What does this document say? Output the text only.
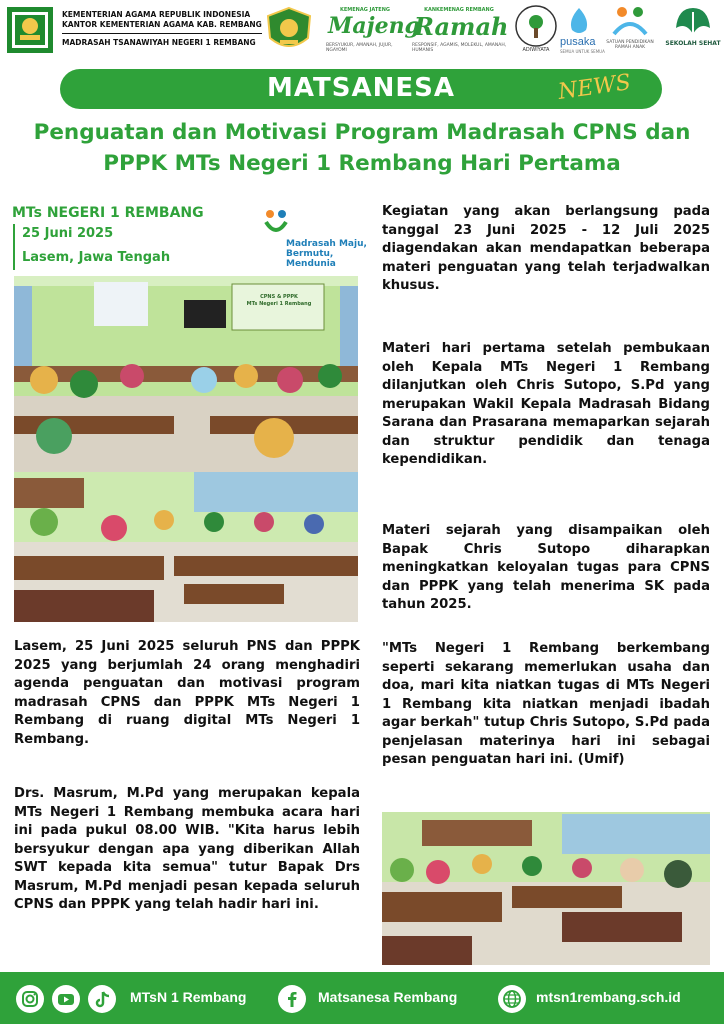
KEMENTERIAN AGAMA REPUBLIK INDONESIA
KANTOR KEMENTERIAN AGAMA KAB. REMBANG
MADRASAH TSANAWIYAH NEGERI 1 REMBANG
KEMENAG JATENG
Majeng
BERSYUKUR, AMANAH, JUJUR, NGAYOMI
KANKEMENAG REMBANG
Ramah
RESPONSIF, AGAMIS, MOLEKUL, AMANAH, HUMANIS	ADIWIYATA
pusaka
SEMUA UNTUK SEMUA
SATUAN PENDIDIKAN RAMAH ANAK
SEKOLAH SEHAT
MATSANESA	NEWS
Penguatan dan Motivasi Program Madrasah CPNS dan PPPK MTs Negeri 1 Rembang Hari Pertama
MTs NEGERI 1 REMBANG
25 Juni 2025
Lasem, Jawa Tengah
Madrasah Maju,
Bermutu,
Mendunia
CPNS & PPPK
MTs Negeri 1 Rembang
Lasem, 25 Juni 2025 seluruh PNS dan PPPK 2025 yang berjumlah 24 orang menghadiri agenda penguatan dan motivasi program madrasah CPNS dan PPPK MTs Negeri 1 Rembang di ruang digital MTs Negeri 1 Rembang.
Drs. Masrum, M.Pd yang merupakan kepala MTs Negeri 1 Rembang membuka acara hari ini pada pukul 08.00 WIB. "Kita harus lebih bersyukur dengan apa yang diberikan Allah SWT kepada kita semua" tutur Bapak Drs Masrum, M.Pd menjadi pesan kepada seluruh CPNS dan PPPK yang telah hadir hari ini.
Kegiatan yang akan berlangsung pada tanggal 23 Juni 2025 - 12 Juli 2025 diagendakan akan mendapatkan beberapa materi penguatan yang telah terjadwalkan khusus.
Materi hari pertama setelah pembukaan oleh Kepala MTs Negeri 1 Rembang dilanjutkan oleh Chris Sutopo, S.Pd yang merupakan Wakil Kepala Madrasah Bidang Sarana dan Prasarana memaparkan sejarah dan struktur pendidik dan tenaga kependidikan.
Materi sejarah yang disampaikan oleh Bapak Chris Sutopo diharapkan meningkatkan keloyalan tugas para CPNS dan PPPK yang telah menerima SK pada tahun 2025.
"MTs Negeri 1 Rembang berkembang seperti sekarang memerlukan usaha dan doa, mari kita niatkan tugas di MTs Negeri 1 Rembang kita niatkan menjadi ibadah agar berkah" tutup Chris Sutopo, S.Pd pada penjelasan materinya hari ini sebagai pesan penguatan hari ini. (Umif)
MTsN 1 Rembang	Matsanesa Rembang	mtsn1rembang.sch.id
